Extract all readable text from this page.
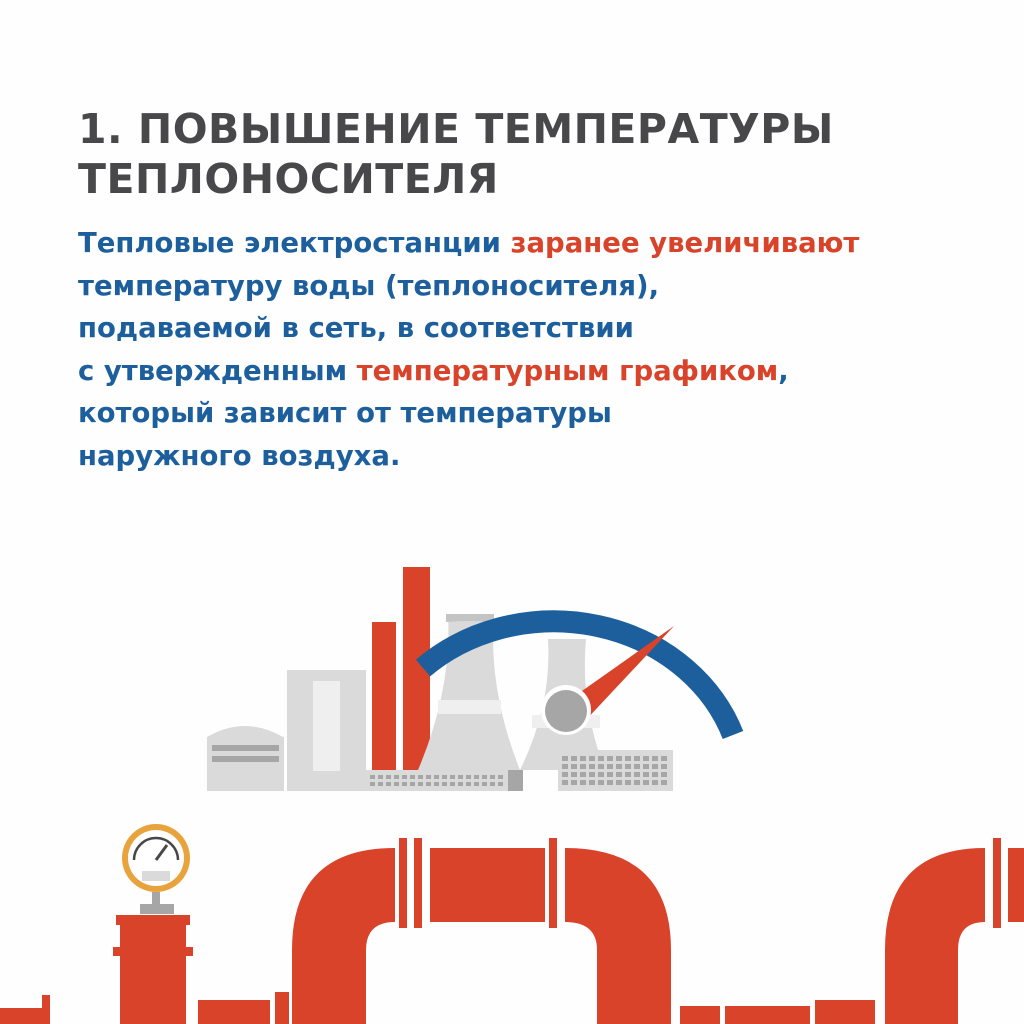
1. ПОВЫШЕНИЕ ТЕМПЕРАТУРЫ
ТЕПЛОНОСИТЕЛЯ
Тепловые электростанции заранее увеличивают
температуру воды (теплоносителя),
подаваемой в сеть, в соответствии
с утвержденным температурным графиком,
который зависит от температуры
наружного воздуха.
